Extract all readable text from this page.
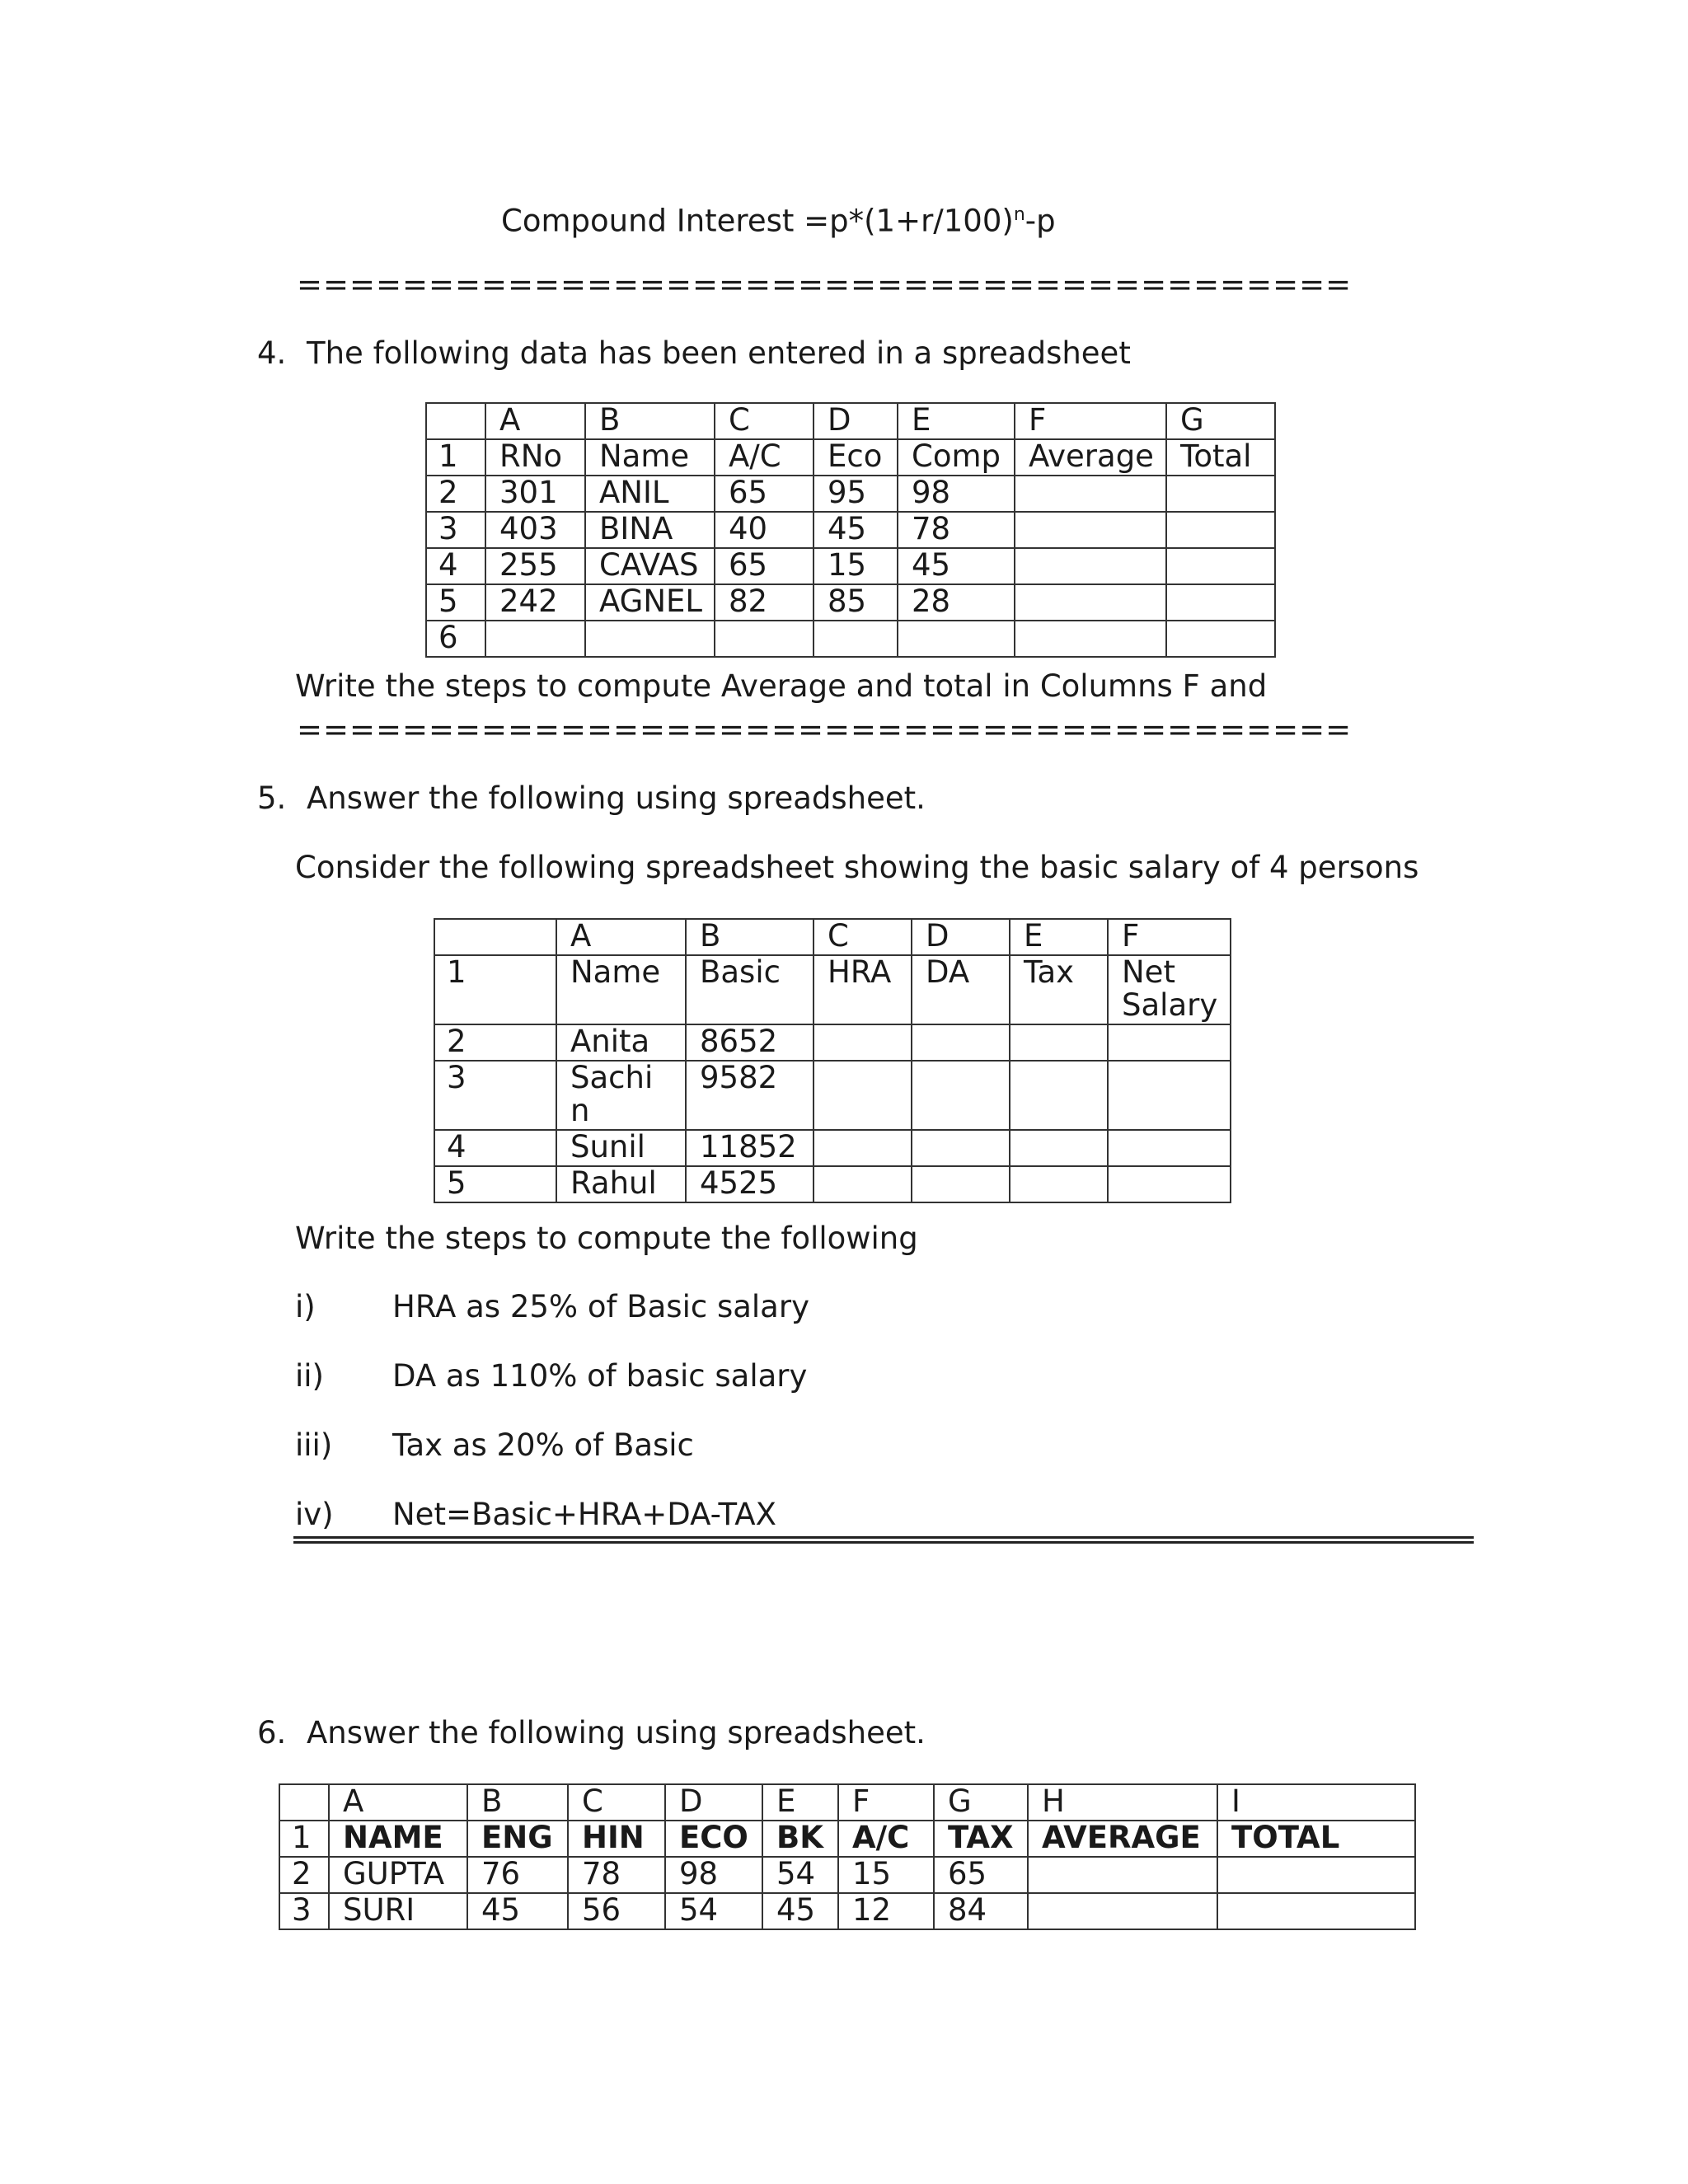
Compound Interest $=p*(1+r/100)^n-p$
========================================
4. The following data has been entered in a spreadsheet
	A	B	C	D	E	F	G
1	RNo	Name	A/C	Eco	Comp	Average	Total
2	301	ANIL	65	95	98		
3	403	BINA	40	45	78		
4	255	CAVAS	65	15	45		
5	242	AGNEL	82	85	28		
6							
Write the steps to compute Average and total in Columns F and
========================================
5. Answer the following using spreadsheet.
Consider the following spreadsheet showing the basic salary of 4 persons
	A	B	C	D	E	F
1	Name	Basic	HRA	DA	Tax	Net
Salary
2	Anita	8652				
3	Sachi
n	9582				
4	Sunil	11852				
5	Rahul	4525				
Write the steps to compute the following
i)	HRA as 25% of Basic salary
ii) DA as 110% of basic salary
iii) Tax as 20% of Basic
iv) Net=Basic+HRA+DA-TAX
6. Answer the following using spreadsheet.
	A	B	C	D	E	F	G	H	I
1	NAME	ENG	HIN	ECO	BK	A/C	TAX	AVERAGE	TOTAL
2	GUPTA	76	78	98	54	15	65		
3	SURI	45	56	54	45	12	84		
